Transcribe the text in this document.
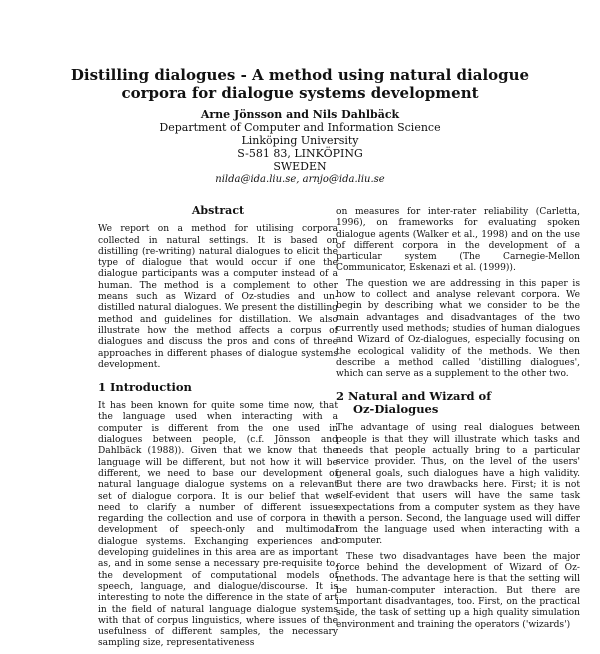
Distilling dialogues - A method using natural dialogue corpora for dialogue systems development
Arne Jönsson and Nils Dahlbäck
Department of Computer and Information Science
Linköping University
S-581 83, LINKÖPING
SWEDEN
nilda@ida.liu.se, arnjo@ida.liu.se
Abstract

We report on a method for utilising corpora collected in natural settings. It is based on distilling (re-writing) natural dialogues to elicit the type of dialogue that would occur if one the dialogue participants was a computer instead of a human. The method is a complement to other means such as Wizard of Oz-studies and un-distilled natural dialogues. We present the distilling method and guidelines for distillation. We also illustrate how the method affects a corpus of dialogues and discuss the pros and cons of three approaches in different phases of dialogue systems development.

1 Introduction

It has been known for quite some time now, that the language used when interacting with a computer is different from the one used in dialogues between people, (c.f. Jönsson and Dahlbäck (1988)). Given that we know that the language will be different, but not how it will be different, we need to base our development of natural language dialogue systems on a relevant set of dialogue corpora. It is our belief that we need to clarify a number of different issues regarding the collection and use of corpora in the development of speech-only and multimodal dialogue systems. Exchanging experiences and developing guidelines in this area are as important as, and in some sense a necessary pre-requisite to, the development of computational models of speech, language, and dialogue/discourse. It is interesting to note the difference in the state of art in the field of natural language dialogue systems with that of corpus linguistics, where issues of the usefulness of different samples, the necessary sampling size, representativeness

on measures for inter-rater reliability (Carletta, 1996), on frameworks for evaluating spoken dialogue agents (Walker et al., 1998) and on the use of different corpora in the development of a particular system (The Carnegie-Mellon Communicator, Eskenazi et al. (1999)).

The question we are addressing in this paper is how to collect and analyse relevant corpora. We begin by describing what we consider to be the main advantages and disadvantages of the two currently used methods; studies of human dialogues and Wizard of Oz-dialogues, especially focusing on the ecological validity of the methods. We then describe a method called 'distilling dialogues', which can serve as a supplement to the other two.

2 Natural and Wizard of
Oz-Dialogues

The advantage of using real dialogues between people is that they will illustrate which tasks and needs that people actually bring to a particular service provider. Thus, on the level of the users' general goals, such dialogues have a high validity. But there are two drawbacks here. First; it is not self-evident that users will have the same task expectations from a computer system as they have with a person. Second, the language used will differ from the language used when interacting with a computer.

These two disadvantages have been the major force behind the development of Wizard of Oz-methods. The advantage here is that the setting will be human-computer interaction. But there are important disadvantages, too. First, on the practical side, the task of setting up a high quality simulation environment and training the operators ('wizards')
